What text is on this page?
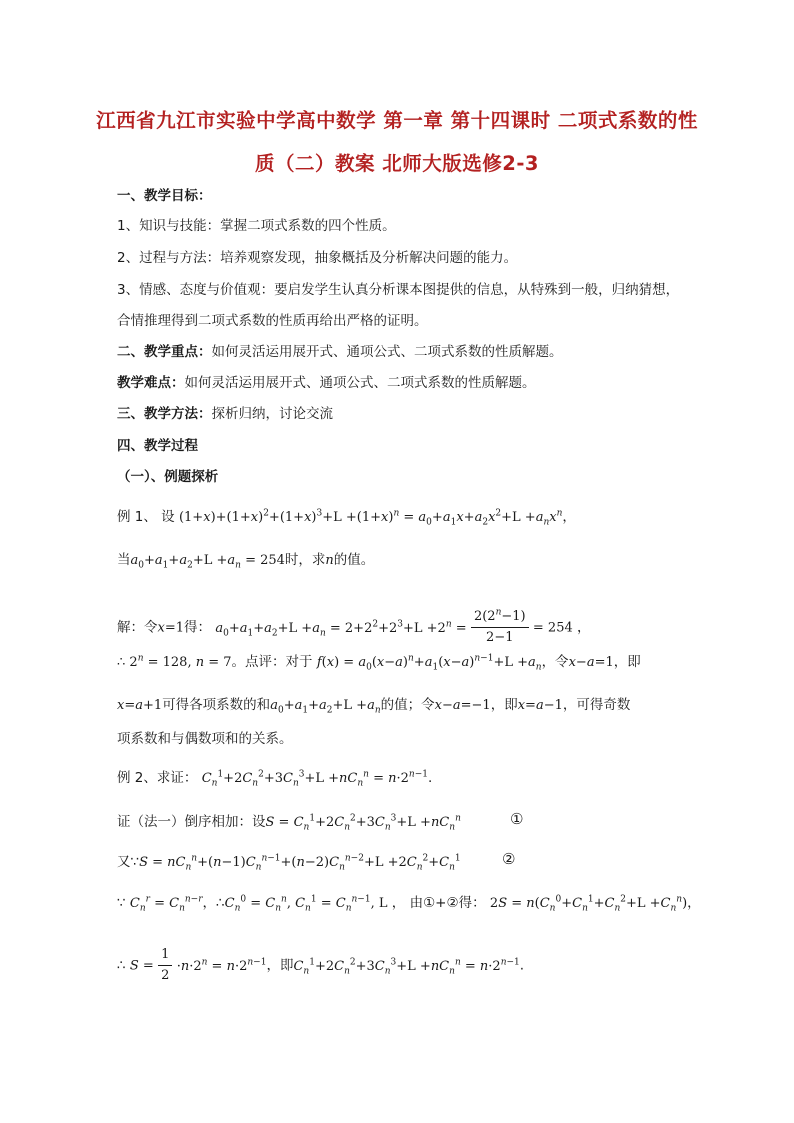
江西省九江市实验中学高中数学 第一章 第十四课时 二项式系数的性
质（二）教案 北师大版选修2-3
一、教学目标：
1、知识与技能：掌握二项式系数的四个性质。
2、过程与方法：培养观察发现，抽象概括及分析解决问题的能力。
3、情感、态度与价值观：要启发学生认真分析课本图提供的信息，从特殊到一般，归纳猜想，
合情推理得到二项式系数的性质再给出严格的证明。
二、教学重点：如何灵活运用展开式、通项公式、二项式系数的性质解题。
教学难点：如何灵活运用展开式、通项公式、二项式系数的性质解题。
三、教学方法：探析归纳，讨论交流
四、教学过程
（一）、例题探析
例 1、 设 $(1+x)+(1+x)^2+(1+x)^3+L +(1+x)^n = a_0+a_1x+a_2x^2+L +a_nx^n$，
当$a_0+a_1+a_2+L +a_n = 254$时，求n的值。
解：令x=1得： $a_0+a_1+a_2+L +a_n = 2+2^2+2^3+L +2^n = \frac{2(2^n-1)}{2-1} = 254$ ，
∴ $2^n = 128$, n = 7。点评：对于 $f(x) = a_0(x-a)^n+a_1(x-a)^{n-1}+L +a_n$，令x−a=1，即
x=a+1可得各项系数的和$a_0+a_1+a_2+L +a_n$的值；令x−a=−1，即x=a−1，可得奇数
项系数和与偶数项和的关系。
例 2、求证： $C_n^1+2C_n^2+3C_n^3+L +nC_n^n = n\cdot 2^{n-1}$.
证（法一）倒序相加：设$S = C_n^1+2C_n^2+3C_n^3+L +nC_n^n$	①
又∵S = $nC_n^n+(n-1)C_n^{n-1}+(n-2)C_n^{n-2}+L +2C_n^2+C_n^1$	②
∵ $C_n^r = C_n^{n-r}$，$\therefore C_n^0 = C_n^n$, $C_n^1 = C_n^{n-1}$, L ， 由①+②得： $2S = n(C_n^0+C_n^1+C_n^2+L +C_n^n)$，
∴ $S = \frac{1}{2} \cdot n\cdot 2^n = n\cdot 2^{n-1}$，即$C_n^1+2C_n^2+3C_n^3+L +nC_n^n = n\cdot 2^{n-1}$.
